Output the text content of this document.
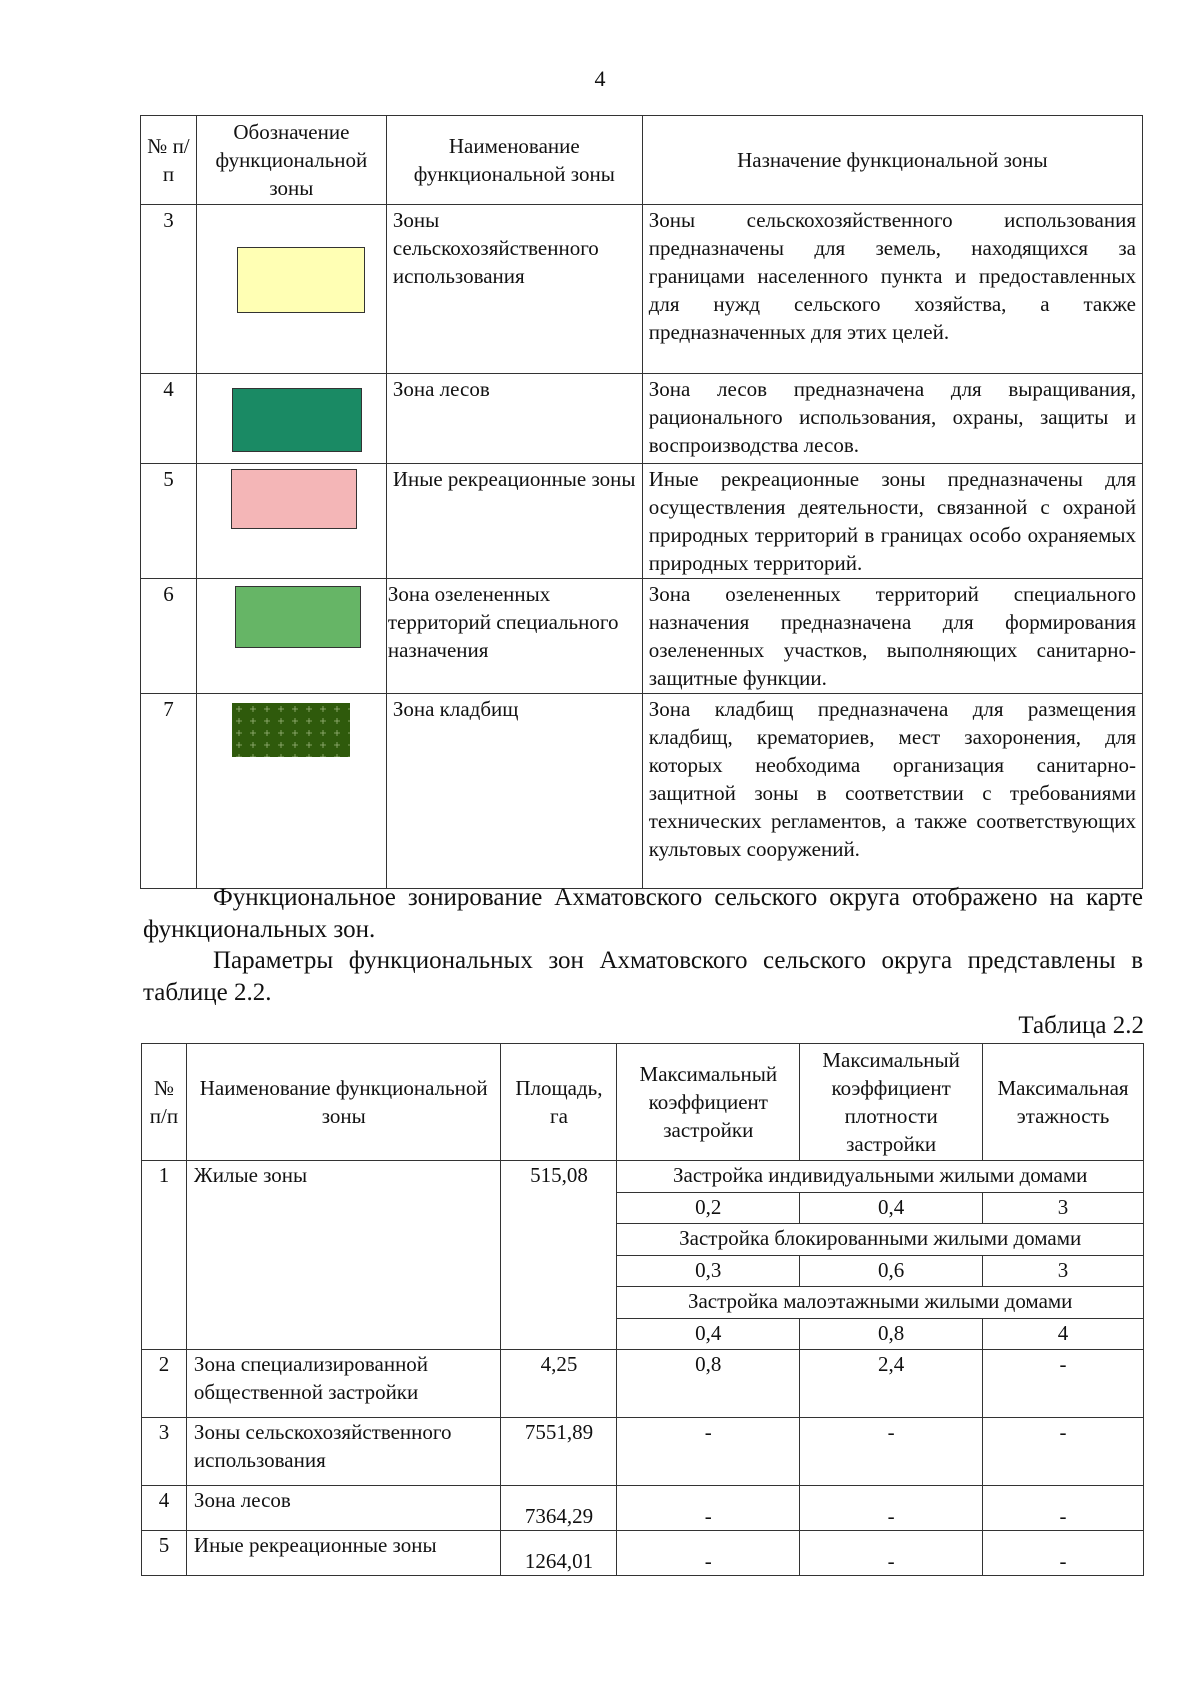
4
№ п/п	Обозначение функциональной зоны	Наименование функциональной зоны	Назначение функциональной зоны
3		Зоны сельскохозяйственного использования	Зоны сельскохозяйственного использования предназначены для земель, находящихся за границами населенного пункта и предоставленных для нужд сельского хозяйства, а также предназначенных для этих целей.
4		Зона лесов	Зона лесов предназначена для выращивания, рационального использования, охраны, защиты и воспроизводства лесов.
5		Иные рекреационные зоны	Иные рекреационные зоны предназначены для осуществления деятельности, связанной с охраной природных территорий в границах особо охраняемых природных территорий.
6		Зона озелененных территорий специального назначения	Зона озелененных территорий специального назначения предназначена для формирования озелененных участков, выполняющих санитарно-защитные функции.
7		Зона кладбищ	Зона кладбищ предназначена для размещения кладбищ, крематориев, мест захоронения, для которых необходима организация санитарно-защитной зоны в соответствии с требованиями технических регламентов, а также соответствующих культовых сооружений.

Функциональное зонирование Ахматовского сельского округа отображено на карте функциональных зон.

Параметры функциональных зон Ахматовского сельского округа представлены в таблице 2.2.

Таблица 2.2
№ п/п	Наименование функциональной зоны	Площадь, га	Максимальный коэффициент застройки	Максимальный коэффициент плотности застройки	Максимальная этажность
1	Жилые зоны	515,08	Застройка индивидуальными жилыми домами		
			0,2	0,4	3
			Застройка блокированными жилыми домами		
			0,3	0,6	3
			Застройка малоэтажными жилыми домами		
			0,4	0,8	4
2	Зона специализированной общественной застройки	4,25	0,8	2,4	-
3	Зоны сельскохозяйственного использования	7551,89	-	-	-
4	Зона лесов	7364,29	-	-	-
5	Иные рекреационные зоны	1264,01	-	-	-
